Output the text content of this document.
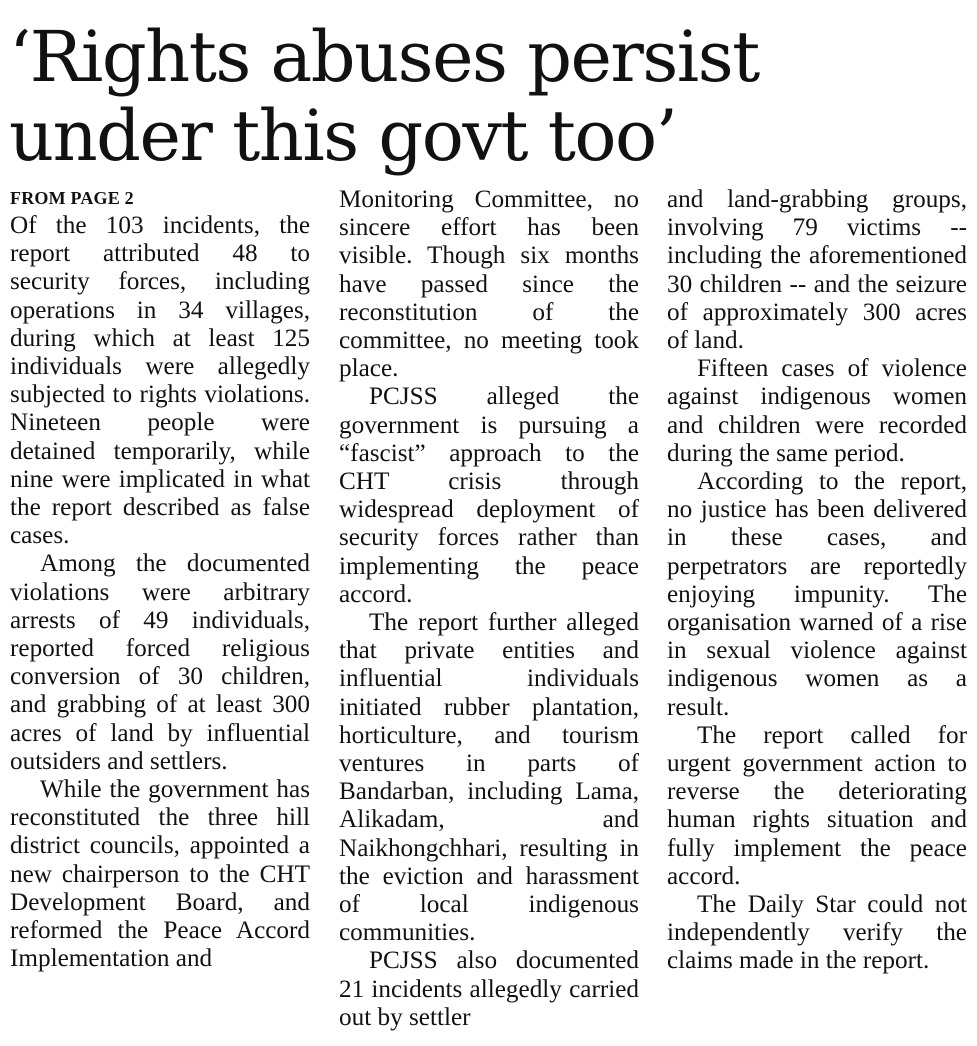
‘Rights abuses persist under this govt too’
FROM PAGE 2

Of the 103 incidents, the report attributed 48 to security forces, including operations in 34 villages, during which at least 125 individuals were allegedly subjected to rights violations. Nineteen people were detained temporarily, while nine were implicated in what the report described as false cases.

Among the documented violations were arbitrary arrests of 49 individuals, reported forced religious conversion of 30 children, and grabbing of at least 300 acres of land by influential outsiders and settlers.

While the government has reconstituted the three hill district councils, appointed a new chairperson to the CHT Development Board, and reformed the Peace Accord Implementation and

Monitoring Committee, no sincere effort has been visible. Though six months have passed since the reconstitution of the committee, no meeting took place.

PCJSS alleged the government is pursuing a “fascist” approach to the CHT crisis through widespread deployment of security forces rather than implementing the peace accord.

The report further alleged that private entities and influential individuals initiated rubber plantation, horticulture, and tourism ventures in parts of Bandarban, including Lama, Alikadam, and Naikhongchhari, resulting in the eviction and harassment of local indigenous communities.

PCJSS also documented 21 incidents allegedly carried out by settler

and land-grabbing groups, involving 79 victims -- including the aforementioned 30 children -- and the seizure of approximately 300 acres of land.

Fifteen cases of violence against indigenous women and children were recorded during the same period.

According to the report, no justice has been delivered in these cases, and perpetrators are reportedly enjoying impunity. The organisation warned of a rise in sexual violence against indigenous women as a result.

The report called for urgent government action to reverse the deteriorating human rights situation and fully implement the peace accord.

The Daily Star could not independently verify the claims made in the report.
